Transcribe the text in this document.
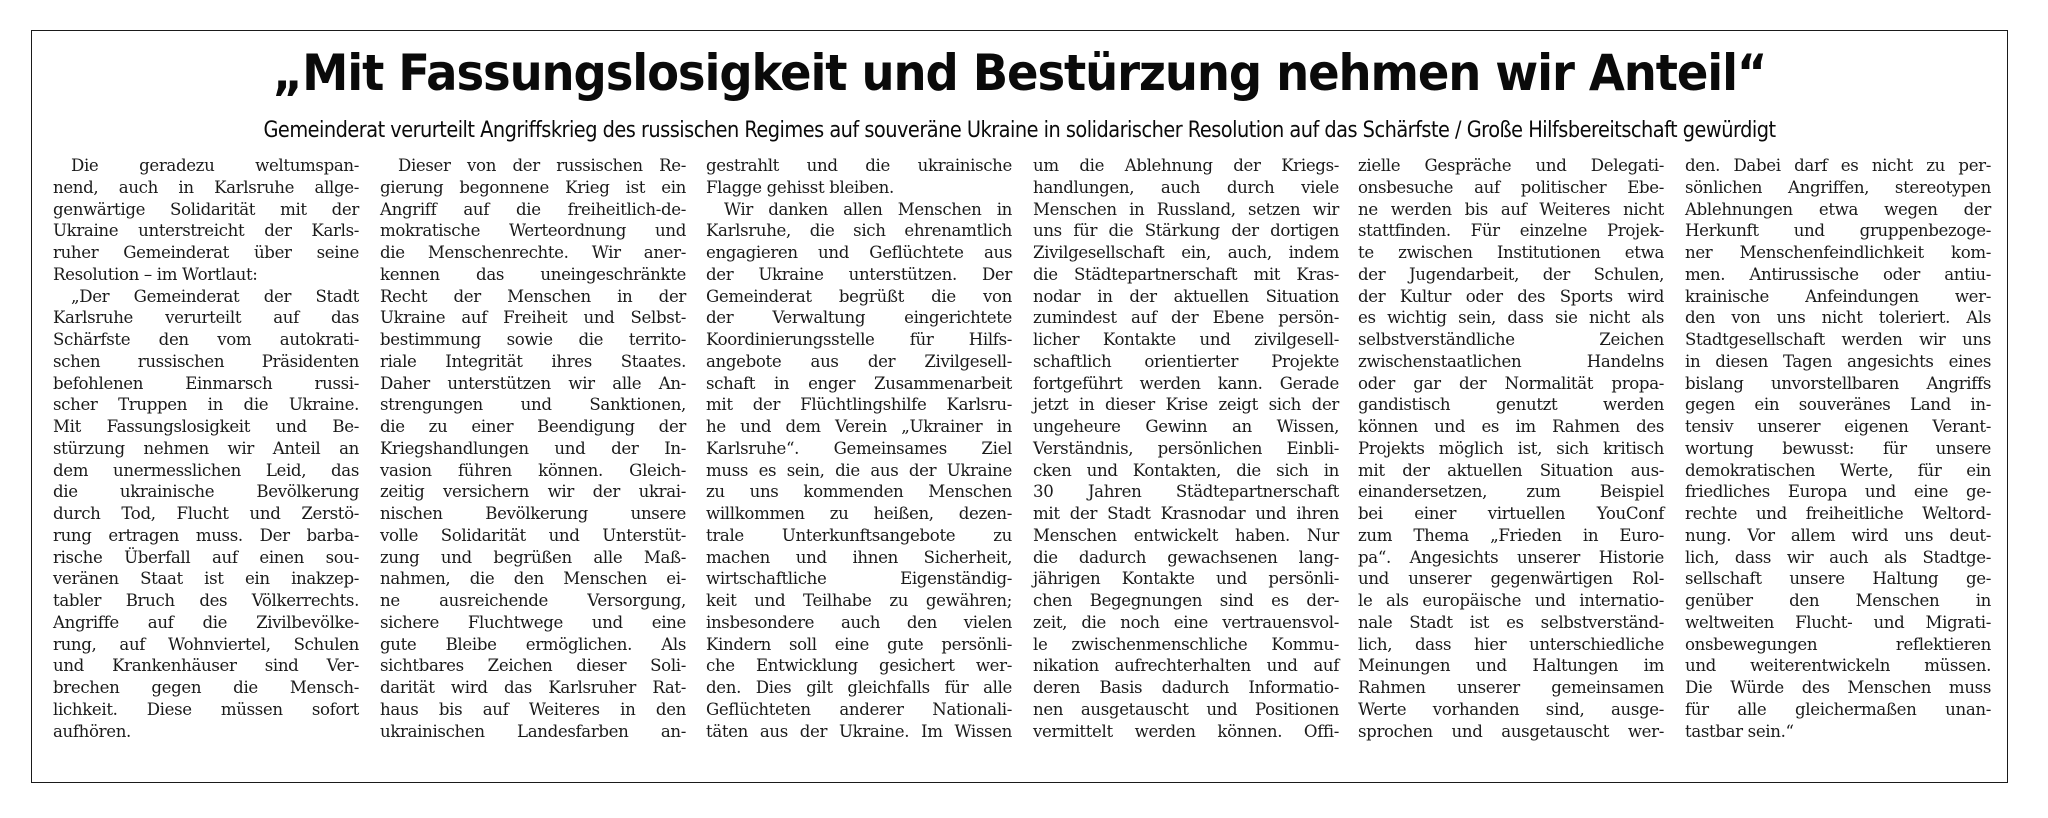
„Mit Fassungslosigkeit und Bestürzung nehmen wir Anteil“
Gemeinderat verurteilt Angriffskrieg des russischen Regimes auf souveräne Ukraine in solidarischer Resolution auf das Schärfste / Große Hilfsbereitschaft gewürdigt
Die geradezu weltumspan-
nend, auch in Karlsruhe allge-
genwärtige Solidarität mit der
Ukraine unterstreicht der Karls-
ruher Gemeinderat über seine
Resolution – im Wortlaut:
„Der Gemeinderat der Stadt
Karlsruhe verurteilt auf das
Schärfste den vom autokrati-
schen russischen Präsidenten
befohlenen Einmarsch russi-
scher Truppen in die Ukraine.
Mit Fassungslosigkeit und Be-
stürzung nehmen wir Anteil an
dem unermesslichen Leid, das
die ukrainische Bevölkerung
durch Tod, Flucht und Zerstö-
rung ertragen muss. Der barba-
rische Überfall auf einen sou-
veränen Staat ist ein inakzep-
tabler Bruch des Völkerrechts.
Angriffe auf die Zivilbevölke-
rung, auf Wohnviertel, Schulen
und Krankenhäuser sind Ver-
brechen gegen die Mensch-
lichkeit. Diese müssen sofort
aufhören.
Dieser von der russischen Re-
gierung begonnene Krieg ist ein
Angriff auf die freiheitlich-de-
mokratische Werteordnung und
die Menschenrechte. Wir aner-
kennen das uneingeschränkte
Recht der Menschen in der
Ukraine auf Freiheit und Selbst-
bestimmung sowie die territo-
riale Integrität ihres Staates.
Daher unterstützen wir alle An-
strengungen und Sanktionen,
die zu einer Beendigung der
Kriegshandlungen und der In-
vasion führen können. Gleich-
zeitig versichern wir der ukrai-
nischen Bevölkerung unsere
volle Solidarität und Unterstüt-
zung und begrüßen alle Maß-
nahmen, die den Menschen ei-
ne ausreichende Versorgung,
sichere Fluchtwege und eine
gute Bleibe ermöglichen. Als
sichtbares Zeichen dieser Soli-
darität wird das Karlsruher Rat-
haus bis auf Weiteres in den
ukrainischen Landesfarben an-
gestrahlt und die ukrainische
Flagge gehisst bleiben.
Wir danken allen Menschen in
Karlsruhe, die sich ehrenamtlich
engagieren und Geflüchtete aus
der Ukraine unterstützen. Der
Gemeinderat begrüßt die von
der Verwaltung eingerichtete
Koordinierungsstelle für Hilfs-
angebote aus der Zivilgesell-
schaft in enger Zusammenarbeit
mit der Flüchtlingshilfe Karlsru-
he und dem Verein „Ukrainer in
Karlsruhe“. Gemeinsames Ziel
muss es sein, die aus der Ukraine
zu uns kommenden Menschen
willkommen zu heißen, dezen-
trale Unterkunftsangebote zu
machen und ihnen Sicherheit,
wirtschaftliche Eigenständig-
keit und Teilhabe zu gewähren;
insbesondere auch den vielen
Kindern soll eine gute persönli-
che Entwicklung gesichert wer-
den. Dies gilt gleichfalls für alle
Geflüchteten anderer Nationali-
täten aus der Ukraine. Im Wissen
um die Ablehnung der Kriegs-
handlungen, auch durch viele
Menschen in Russland, setzen wir
uns für die Stärkung der dortigen
Zivilgesellschaft ein, auch, indem
die Städtepartnerschaft mit Kras-
nodar in der aktuellen Situation
zumindest auf der Ebene persön-
licher Kontakte und zivilgesell-
schaftlich orientierter Projekte
fortgeführt werden kann. Gerade
jetzt in dieser Krise zeigt sich der
ungeheure Gewinn an Wissen,
Verständnis, persönlichen Einbli-
cken und Kontakten, die sich in
30 Jahren Städtepartnerschaft
mit der Stadt Krasnodar und ihren
Menschen entwickelt haben. Nur
die dadurch gewachsenen lang-
jährigen Kontakte und persönli-
chen Begegnungen sind es der-
zeit, die noch eine vertrauensvol-
le zwischenmenschliche Kommu-
nikation aufrechterhalten und auf
deren Basis dadurch Informatio-
nen ausgetauscht und Positionen
vermittelt werden können. Offi-
zielle Gespräche und Delegati-
onsbesuche auf politischer Ebe-
ne werden bis auf Weiteres nicht
stattfinden. Für einzelne Projek-
te zwischen Institutionen etwa
der Jugendarbeit, der Schulen,
der Kultur oder des Sports wird
es wichtig sein, dass sie nicht als
selbstverständliche Zeichen
zwischenstaatlichen Handelns
oder gar der Normalität propa-
gandistisch genutzt werden
können und es im Rahmen des
Projekts möglich ist, sich kritisch
mit der aktuellen Situation aus-
einandersetzen, zum Beispiel
bei einer virtuellen YouConf
zum Thema „Frieden in Euro-
pa“. Angesichts unserer Historie
und unserer gegenwärtigen Rol-
le als europäische und internatio-
nale Stadt ist es selbstverständ-
lich, dass hier unterschiedliche
Meinungen und Haltungen im
Rahmen unserer gemeinsamen
Werte vorhanden sind, ausge-
sprochen und ausgetauscht wer-
den. Dabei darf es nicht zu per-
sönlichen Angriffen, stereotypen
Ablehnungen etwa wegen der
Herkunft und gruppenbezoge-
ner Menschenfeindlichkeit kom-
men. Antirussische oder antiu-
krainische Anfeindungen wer-
den von uns nicht toleriert. Als
Stadtgesellschaft werden wir uns
in diesen Tagen angesichts eines
bislang unvorstellbaren Angriffs
gegen ein souveränes Land in-
tensiv unserer eigenen Verant-
wortung bewusst: für unsere
demokratischen Werte, für ein
friedliches Europa und eine ge-
rechte und freiheitliche Weltord-
nung. Vor allem wird uns deut-
lich, dass wir auch als Stadtge-
sellschaft unsere Haltung ge-
genüber den Menschen in
weltweiten Flucht- und Migrati-
onsbewegungen reflektieren
und weiterentwickeln müssen.
Die Würde des Menschen muss
für alle gleichermaßen unan-
tastbar sein.“
